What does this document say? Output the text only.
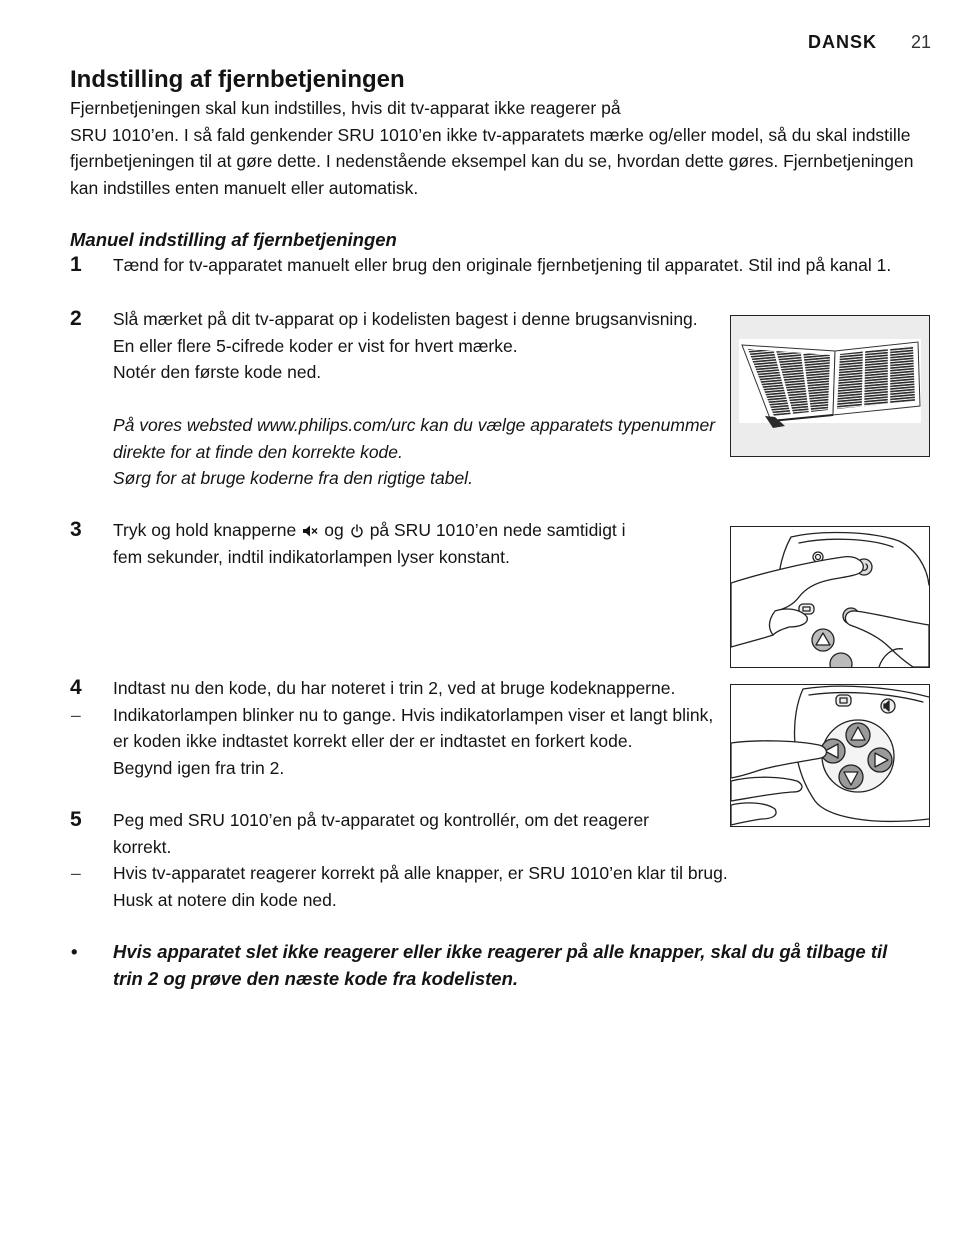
DANSK 21
Indstilling af fjernbetjeningen
Fjernbetjeningen skal kun indstilles, hvis dit tv-apparat ikke reagerer på
SRU 1010’en. I så fald genkender SRU 1010’en ikke tv-apparatets mærke og/eller model, så du skal indstille
fjernbetjeningen til at gøre dette. I nedenstående eksempel kan du se, hvordan dette gøres. Fjernbetjeningen
kan indstilles enten manuelt eller automatisk.
Manuel indstilling af fjernbetjeningen
1	Tænd for tv-apparatet manuelt eller brug den originale fjernbetjening til apparatet. Stil ind på kanal 1.
2	Slå mærket på dit tv-apparat op i kodelisten bagest i denne brugsanvisning.
En eller flere 5-cifrede koder er vist for hvert mærke.
Notér den første kode ned.
På vores websted www.philips.com/urc kan du vælge apparatets typenummer
direkte for at finde den korrekte kode.
Sørg for at bruge koderne fra den rigtige tabel.
3	Tryk og hold knapperne og på SRU 1010’en nede samtidigt i
fem sekunder, indtil indikatorlampen lyser konstant.
4	Indtast nu den kode, du har noteret i trin 2, ved at bruge kodeknapperne.
– Indikatorlampen blinker nu to gange. Hvis indikatorlampen viser et langt blink,
er koden ikke indtastet korrekt eller der er indtastet en forkert kode.
Begynd igen fra trin 2.
5	Peg med SRU 1010’en på tv-apparatet og kontrollér, om det reagerer
korrekt.
– Hvis tv-apparatet reagerer korrekt på alle knapper, er SRU 1010’en klar til brug.
Husk at notere din kode ned.
• Hvis apparatet slet ikke reagerer eller ikke reagerer på alle knapper, skal du gå tilbage til
trin 2 og prøve den næste kode fra kodelisten.
